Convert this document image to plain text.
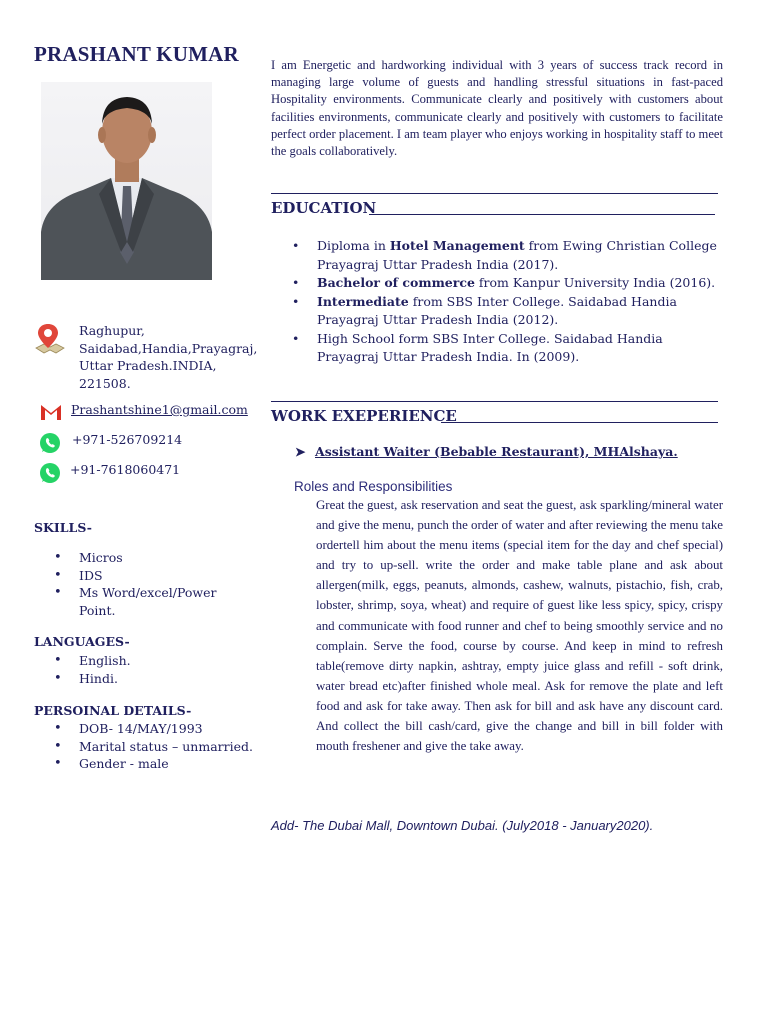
PRASHANT KUMAR
Raghupur,
Saidabad,Handia,Prayagraj,
Uttar Pradesh.INDIA,
221508.
Prashantshine1@gmail.com
+971-526709214
+91-7618060471
SKILLS-
• Micros
• IDS
• Ms Word/excel/Power Point.
LANGUAGES-
• English.
• Hindi.
PERSOINAL DETAILS-
• DOB- 14/MAY/1993
• Marital status – unmarried.
• Gender - male
I am Energetic and hardworking individual with 3 years of success track record in managing large volume of guests and handling stressful situations in fast-paced Hospitality environments. Communicate clearly and positively with customers about facilities environments, communicate clearly and positively with customers to facilitate perfect order placement. I am team player who enjoys working in hospitality staff to meet the goals collaboratively.
EDUCATION
• Diploma in Hotel Management from Ewing Christian College Prayagraj Uttar Pradesh India (2017).
• Bachelor of commerce from Kanpur University India (2016).
• Intermediate from SBS Inter College. Saidabad Handia Prayagraj Uttar Pradesh India (2012).
• High School form SBS Inter College. Saidabad Handia Prayagraj Uttar Pradesh India. In (2009).
WORK EXEPERIENCE
➤ Assistant Waiter (Bebable Restaurant), MHAlshaya.
Roles and Responsibilities
Great the guest, ask reservation and seat the guest, ask sparkling/mineral water and give the menu, punch the order of water and after reviewing the menu take ordertell him about the menu items (special item for the day and chef special) and try to up-sell. write the order and make table plane and ask about allergen(milk, eggs, peanuts, almonds, cashew, walnuts, pistachio, fish, crab, lobster, shrimp, soya, wheat) and require of guest like less spicy, spicy, crispy and communicate with food runner and chef to being smoothly service and no complain. Serve the food, course by course. And keep in mind to refresh table(remove dirty napkin, ashtray, empty juice glass and refill - soft drink, water bread etc)after finished whole meal. Ask for remove the plate and left food and ask for take away. Then ask for bill and ask have any discount card. And collect the bill cash/card, give the change and bill in bill folder with mouth freshener and give the take away.
Add- The Dubai Mall, Downtown Dubai. (July2018 - January2020).
